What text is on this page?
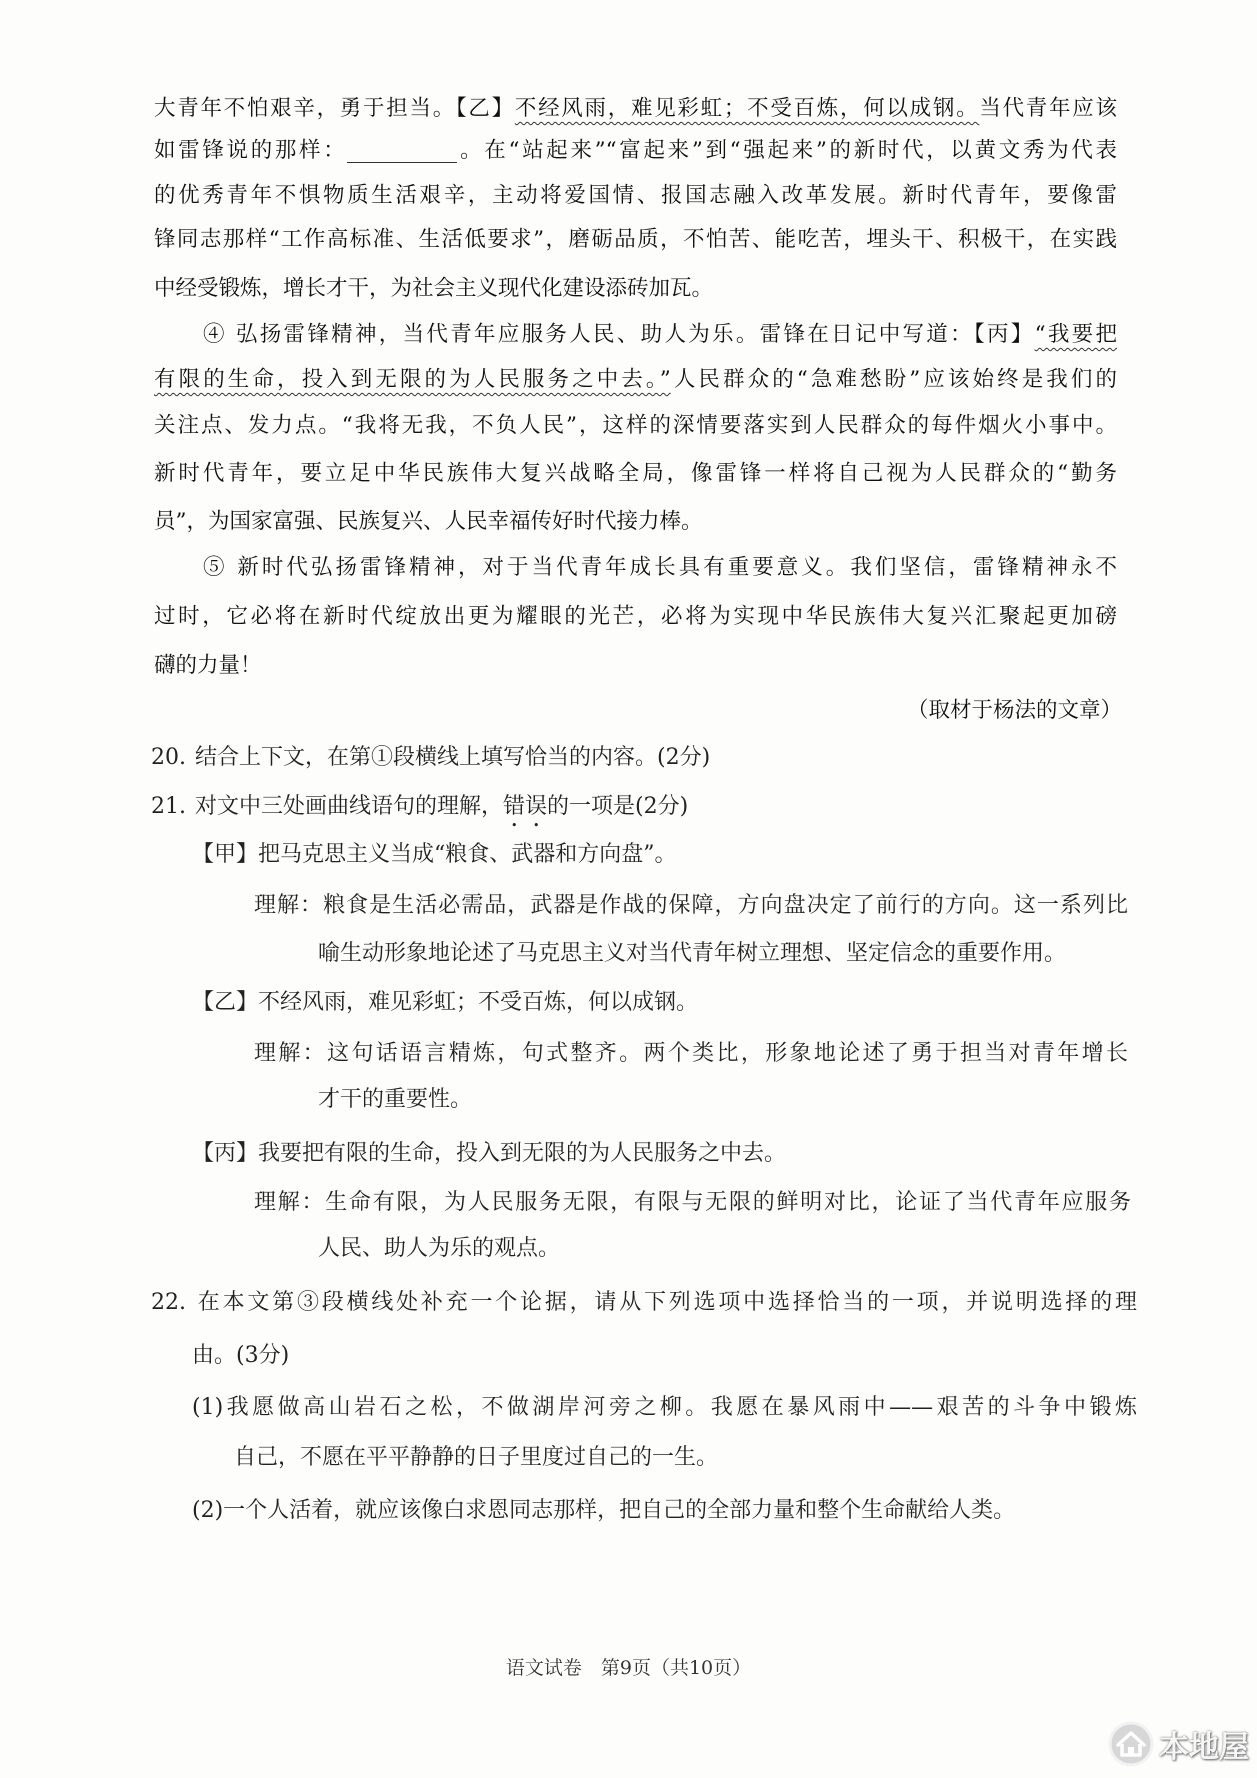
大青年不怕艰辛，勇于担当。【乙】不经风雨，难见彩虹；不受百炼，何以成钢。当代青年应该
如雷锋说的那样：	。在“站起来”“富起来”到“强起来”的新时代，以黄文秀为代表
的优秀青年不惧物质生活艰辛，主动将爱国情、报国志融入改革发展。新时代青年，要像雷
锋同志那样“工作高标准、生活低要求”，磨砺品质，不怕苦、能吃苦，埋头干、积极干，在实践
中经受锻炼，增长才干，为社会主义现代化建设添砖加瓦。
④ 弘扬雷锋精神，当代青年应服务人民、助人为乐。雷锋在日记中写道：【丙】“我要把
有限的生命，投入到无限的为人民服务之中去。”人民群众的“急难愁盼”应该始终是我们的
关注点、发力点。“我将无我，不负人民”，这样的深情要落实到人民群众的每件烟火小事中。
新时代青年，要立足中华民族伟大复兴战略全局，像雷锋一样将自己视为人民群众的“勤务
员”，为国家富强、民族复兴、人民幸福传好时代接力棒。
⑤ 新时代弘扬雷锋精神，对于当代青年成长具有重要意义。我们坚信，雷锋精神永不
过时，它必将在新时代绽放出更为耀眼的光芒，必将为实现中华民族伟大复兴汇聚起更加磅
礴的力量！
（取材于杨法的文章）
20. 结合上下文，在第①段横线上填写恰当的内容。(2分)
21. 对文中三处画曲线语句的理解，错误的一项是(2分)
【甲】把马克思主义当成“粮食、武器和方向盘”。
理解：粮食是生活必需品，武器是作战的保障，方向盘决定了前行的方向。这一系列比
喻生动形象地论述了马克思主义对当代青年树立理想、坚定信念的重要作用。
【乙】不经风雨，难见彩虹；不受百炼，何以成钢。
理解：这句话语言精炼，句式整齐。两个类比，形象地论述了勇于担当对青年增长
才干的重要性。
【丙】我要把有限的生命，投入到无限的为人民服务之中去。
理解：生命有限，为人民服务无限，有限与无限的鲜明对比，论证了当代青年应服务
人民、助人为乐的观点。
22. 在本文第③段横线处补充一个论据，请从下列选项中选择恰当的一项，并说明选择的理
由。(3分)
(1)我愿做高山岩石之松，不做湖岸河旁之柳。我愿在暴风雨中——艰苦的斗争中锻炼
自己，不愿在平平静静的日子里度过自己的一生。
(2)一个人活着，就应该像白求恩同志那样，把自己的全部力量和整个生命献给人类。
语文试卷　第9页（共10页）
本地屋
